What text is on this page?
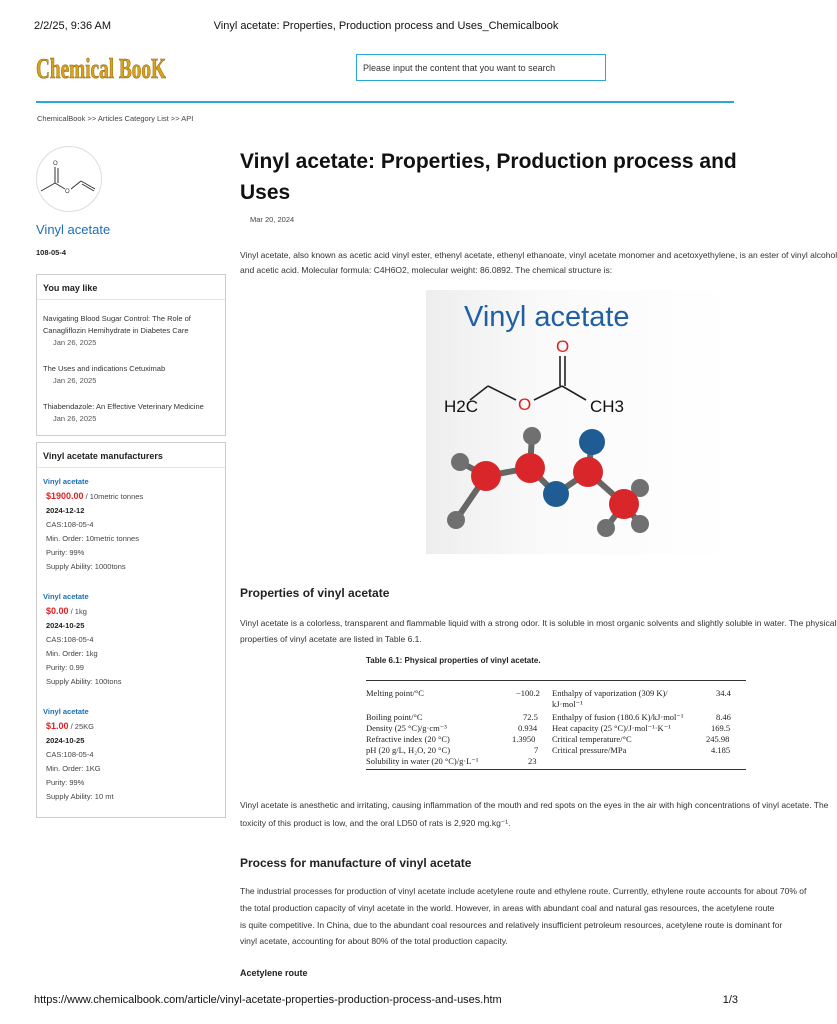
2/2/25, 9:36 AM	Vinyl acetate: Properties, Production process and Uses_Chemicalbook
Chemical BooK	Please input the content that you want to search
ChemicalBook >> Articles Category List >> API
O
O
Vinyl acetate
108-05-4
You may like
Navigating Blood Sugar Control: The Role of Canagliflozin Hemihydrate in Diabetes Care
Jan 26, 2025
The Uses and indications Cetuximab
Jan 26, 2025
Thiabendazole: An Effective Veterinary Medicine
Jan 26, 2025
Vinyl acetate manufacturers
Vinyl acetate
$1900.00 / 10metric tonnes
2024-12-12
CAS:108-05-4
Min. Order: 10metric tonnes
Purity: 99%
Supply Ability: 1000tons
Vinyl acetate
$0.00 / 1kg
2024-10-25
CAS:108-05-4
Min. Order: 1kg
Purity: 0.99
Supply Ability: 100tons
Vinyl acetate
$1.00 / 25KG
2024-10-25
CAS:108-05-4
Min. Order: 1KG
Purity: 99%
Supply Ability: 10 mt
Vinyl acetate: Properties, Production process and
Uses
Mar 20, 2024
Vinyl acetate, also known as acetic acid vinyl ester, ethenyl acetate, ethenyl ethanoate, vinyl acetate monomer and acetoxyethylene, is an ester of vinyl alcohol
and acetic acid. Molecular formula: C4H6O2, molecular weight: 86.0892. The chemical structure is:
Vinyl acetate
H2C O
O
CH3
Properties of vinyl acetate
Vinyl acetate is a colorless, transparent and flammable liquid with a strong odor. It is soluble in most organic solvents and slightly soluble in water. The physical
properties of vinyl acetate are listed in Table 6.1.
Table 6.1: Physical properties of vinyl acetate.
Melting point/°C	−100.2 Enthalpy of vaporization (309 K)/	34.4
kJ·mol⁻¹
Boiling point/°C	72.5 Enthalpy of fusion (180.6 K)/kJ·mol⁻¹	8.46
Density (25 °C)/g·cm⁻³	0.934 Heat capacity (25 °C)/J·mol⁻¹·K⁻¹	169.5
Refractive index (20 °C)	1.3950 Critical temperature/°C	245.98
pH (20 g/L, H₂O, 20 °C)	7 Critical pressure/MPa	4.185
Solubility in water (20 °C)/g·L⁻¹	23
Vinyl acetate is anesthetic and irritating, causing inflammation of the mouth and red spots on the eyes in the air with high concentrations of vinyl acetate. The
toxicity of this product is low, and the oral LD50 of rats is 2,920 mg.kg⁻¹.
Process for manufacture of vinyl acetate
The industrial processes for production of vinyl acetate include acetylene route and ethylene route. Currently, ethylene route accounts for about 70% of
the total production capacity of vinyl acetate in the world. However, in areas with abundant coal and natural gas resources, the acetylene route
is quite competitive. In China, due to the abundant coal resources and relatively insufficient petroleum resources, acetylene route is dominant for
vinyl acetate, accounting for about 80% of the total production capacity.
Acetylene route
https://www.chemicalbook.com/article/vinyl-acetate-properties-production-process-and-uses.htm	1/3
